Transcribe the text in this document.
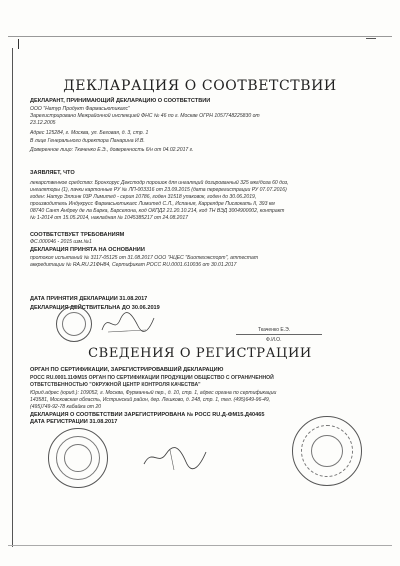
ДЕКЛАРАЦИЯ О СООТВЕТСТВИИ
ДЕКЛАРАНТ, ПРИНИМАЮЩИЙ ДЕКЛАРАЦИЮ О СООТВЕТСТВИИ
ООО "Натур Продукт Фармасьютикалс"
Зарегистрировано Межрайонной инспекцией ФНС № 46 по г. Москве ОГРН 1057748225830 от
23.12.2005
Адрес 125284, г. Москва, ул. Беговая, д. 3, стр. 1
В лице Генерального директора Панарина И.В.
Доверенное лицо: Ткаченко Е.Э., доверенность 6/н от 04.02.2017 г.
ЗАЯВЛЯЕТ, ЧТО
лекарственное средство: Бронхорус Декстодр порошок для ингаляций дозированный 325 мкг/доза 60 доз,
ингаляторы (1), пачки картонные РУ № ЛП-003316 от 23.09.2015 (дата перерегистрации РУ 07.07.2016)
годен: Натур Эллинк 03Р Лимитед - серия 10786, годен 31518 упаковок, годен до 30.06.2019,
производитель Индукрусс Фармасьютикалс Лимитед С.Л., Испания, Каррелдре Писвокать II, 393 км
08740 Сант Андреу де ла Барка, Барселона, код ОКПД2 21.20.10.214, код ТН ВЭД 3004900002, контракт
№ 1-2014 от 15.05.2014, накладная № 1045385217 от 24.08.2017
СООТВЕТСТВУЕТ ТРЕБОВАНИЯМ
ФС.000046 - 2015 изм.№1
ДЕКЛАРАЦИЯ ПРИНЯТА НА ОСНОВАНИИ
протокол испытаний № 3117-05125 от 31.08.2017 ООО "НЦЕС "Биотехэкспорт", аттестат
аккредитации № RA.RU.21ФН84, Сертификат РОСС RU.0001.610036 от 30.01.2017
ДАТА ПРИНЯТИЯ ДЕКЛАРАЦИИ 31.08.2017
ДЕКЛАРАЦИЯ ДЕЙСТВИТЕЛЬНА ДО 30.06.2019
Ткаченко Е.Э.
Ф.И.О.
СВЕДЕНИЯ О РЕГИСТРАЦИИ
ОРГАН ПО СЕРТИФИКАЦИИ, ЗАРЕГИСТРИРОВАВШИЙ ДЕКЛАРАЦИЮ
РОСС RU.0001.11ФМ15 ОРГАН ПО СЕРТИФИКАЦИИ ПРОДУКЦИИ ОБЩЕСТВО С ОГРАНИЧЕННОЙ
ОТВЕТСТВЕННОСТЬЮ "ОКРУЖНОЙ ЦЕНТР КОНТРОЛЯ КАЧЕСТВА"
Юрид.адрес (юрид.): 109052, г. Москва, Фурманный пер., д. 10, стр. 1, адрес органа по сертификации
143581, Московская область, Истринский район, дер. Лешково, д. 248, стр. 1, тел. (495)649-96-49,
(495)749-92-78 кабайка от 20
ДЕКЛАРАЦИЯ О СООТВЕТСТВИИ ЗАРЕГИСТРИРОВАНА № РОСС RU.Д-ФМ15.Д40465
ДАТА РЕГИСТРАЦИИ 31.08.2017
